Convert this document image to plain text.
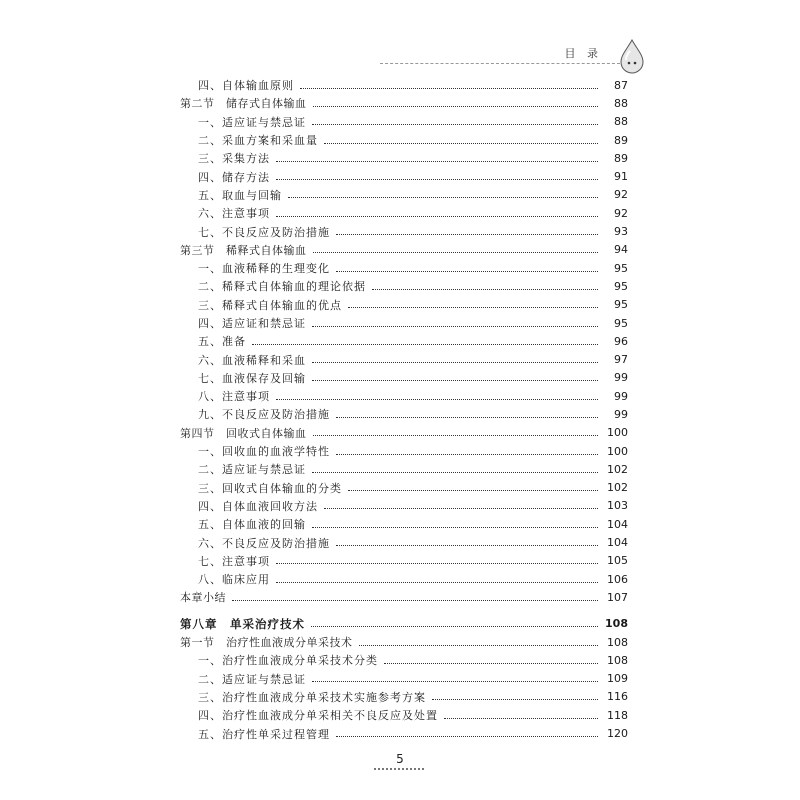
目 录
四、自体输血原则	87
第二节　储存式自体输血	88
一、适应证与禁忌证	88
二、采血方案和采血量	89
三、采集方法	89
四、储存方法	91
五、取血与回输	92
六、注意事项	92
七、不良反应及防治措施	93
第三节　稀释式自体输血	94
一、血液稀释的生理变化	95
二、稀释式自体输血的理论依据	95
三、稀释式自体输血的优点	95
四、适应证和禁忌证	95
五、准备	96
六、血液稀释和采血	97
七、血液保存及回输	99
八、注意事项	99
九、不良反应及防治措施	99
第四节　回收式自体输血	100
一、回收血的血液学特性	100
二、适应证与禁忌证	102
三、回收式自体输血的分类	102
四、自体血液回收方法	103
五、自体血液的回输	104
六、不良反应及防治措施	104
七、注意事项	105
八、临床应用	106
本章小结	107
第八章　单采治疗技术	108
第一节　治疗性血液成分单采技术	108
一、治疗性血液成分单采技术分类	108
二、适应证与禁忌证	109
三、治疗性血液成分单采技术实施参考方案	116
四、治疗性血液成分单采相关不良反应及处置	118
五、治疗性单采过程管理	120
5
